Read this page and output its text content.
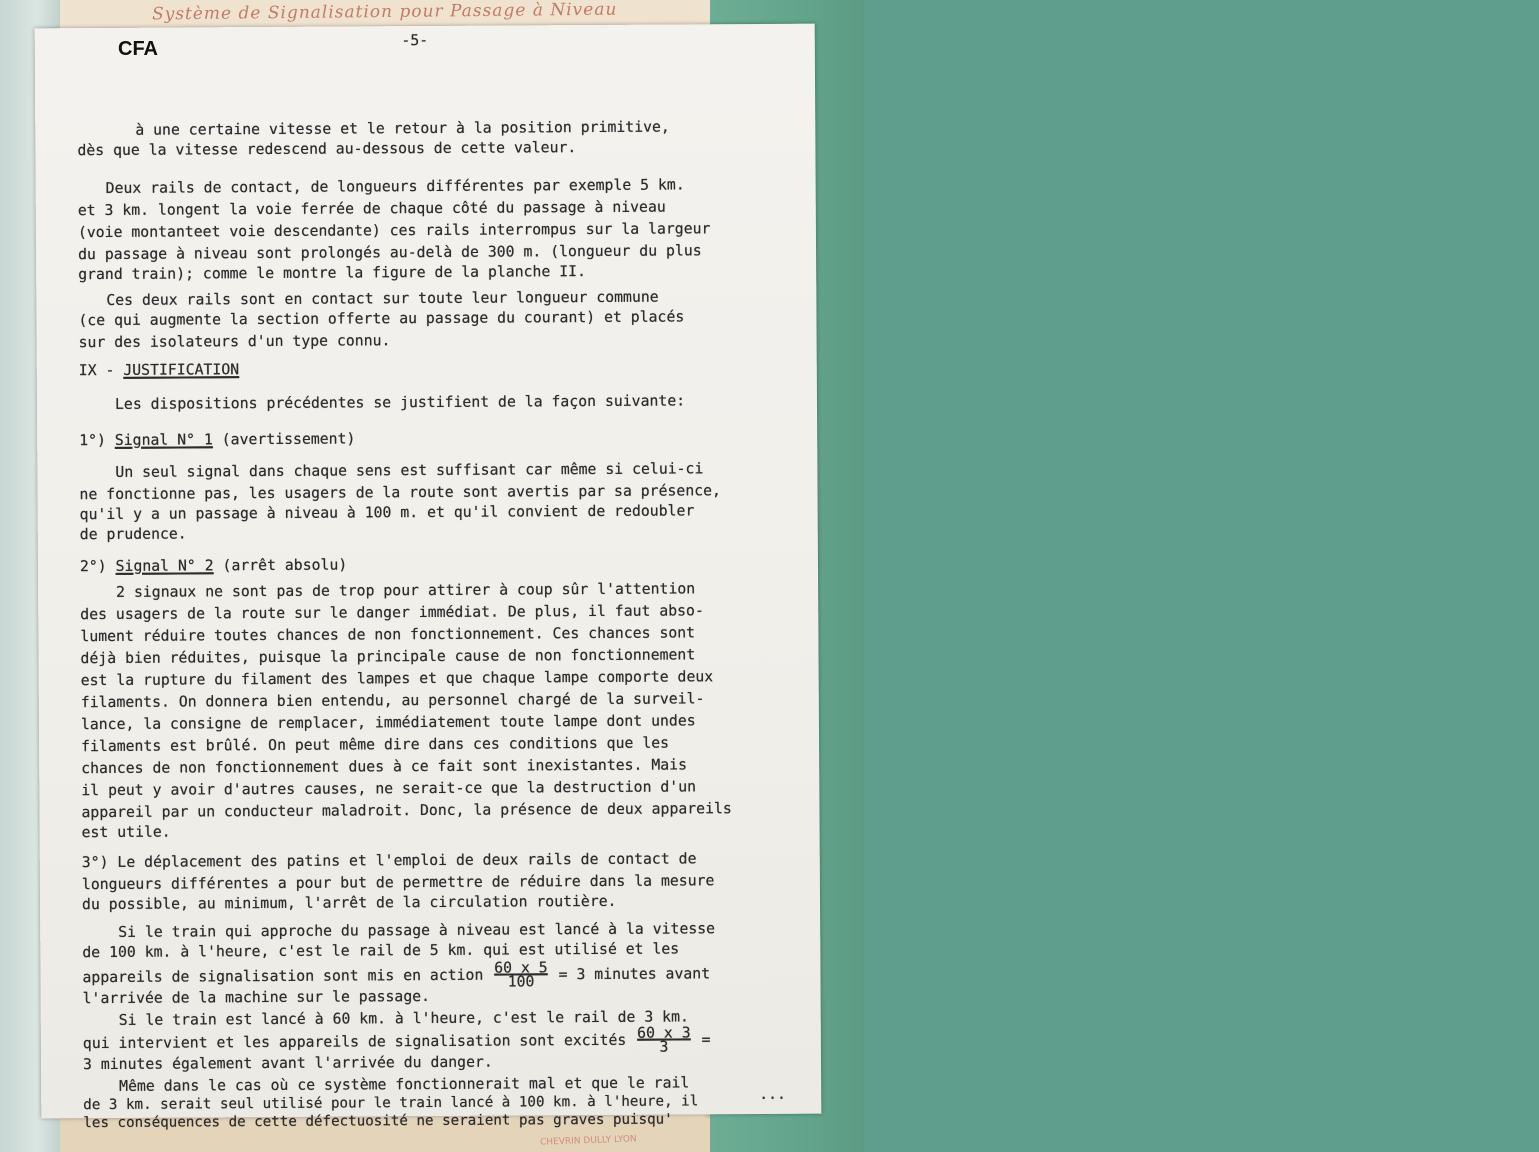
Système de Signalisation pour Passage à Niveau
CHEVRIN DULLY LYON
-5-
à une certaine vitesse et le retour à la position primitive,
dès que la vitesse redescend au-dessous de cette valeur.
Deux rails de contact, de longueurs différentes par exemple 5 km.
et 3 km. longent la voie ferrée de chaque côté du passage à niveau
(voie montanteet voie descendante) ces rails interrompus sur la largeur
du passage à niveau sont prolongés au-delà de 300 m. (longueur du plus
grand train); comme le montre la figure de la planche II.
Ces deux rails sont en contact sur toute leur longueur commune
(ce qui augmente la section offerte au passage du courant) et placés
sur des isolateurs d'un type connu.
IX - JUSTIFICATION
Les dispositions précédentes se justifient de la façon suivante:
1°) Signal N° 1 (avertissement)
Un seul signal dans chaque sens est suffisant car même si celui-ci
ne fonctionne pas, les usagers de la route sont avertis par sa présence,
qu'il y a un passage à niveau à 100 m. et qu'il convient de redoubler
de prudence.
2°) Signal N° 2 (arrêt absolu)
2 signaux ne sont pas de trop pour attirer à coup sûr l'attention
des usagers de la route sur le danger immédiat. De plus, il faut abso-
lument réduire toutes chances de non fonctionnement. Ces chances sont
déjà bien réduites, puisque la principale cause de non fonctionnement
est la rupture du filament des lampes et que chaque lampe comporte deux
filaments. On donnera bien entendu, au personnel chargé de la surveil-
lance, la consigne de remplacer, immédiatement toute lampe dont undes
filaments est brûlé. On peut même dire dans ces conditions que les
chances de non fonctionnement dues à ce fait sont inexistantes. Mais
il peut y avoir d'autres causes, ne serait-ce que la destruction d'un
appareil par un conducteur maladroit. Donc, la présence de deux appareils
est utile.
3°) Le déplacement des patins et l'emploi de deux rails de contact de
longueurs différentes a pour but de permettre de réduire dans la mesure
du possible, au minimum, l'arrêt de la circulation routière.
Si le train qui approche du passage à niveau est lancé à la vitesse
de 100 km. à l'heure, c'est le rail de 5 km. qui est utilisé et les
appareils de signalisation sont mis en action $\frac{60 x 5}{100} = 3$ minutes avant
l'arrivée de la machine sur le passage.
Si le train est lancé à 60 km. à l'heure, c'est le rail de 3 km.
qui intervient et les appareils de signalisation sont excités $\frac{60 x 3}{3}$ =
3 minutes également avant l'arrivée du danger.
Même dans le cas où ce système fonctionnerait mal et que le rail
de 3 km. serait seul utilisé pour le train lancé à 100 km. à l'heure, il
les conséquences de cette défectuosité ne seraient pas graves puisqu'
...
CFA
